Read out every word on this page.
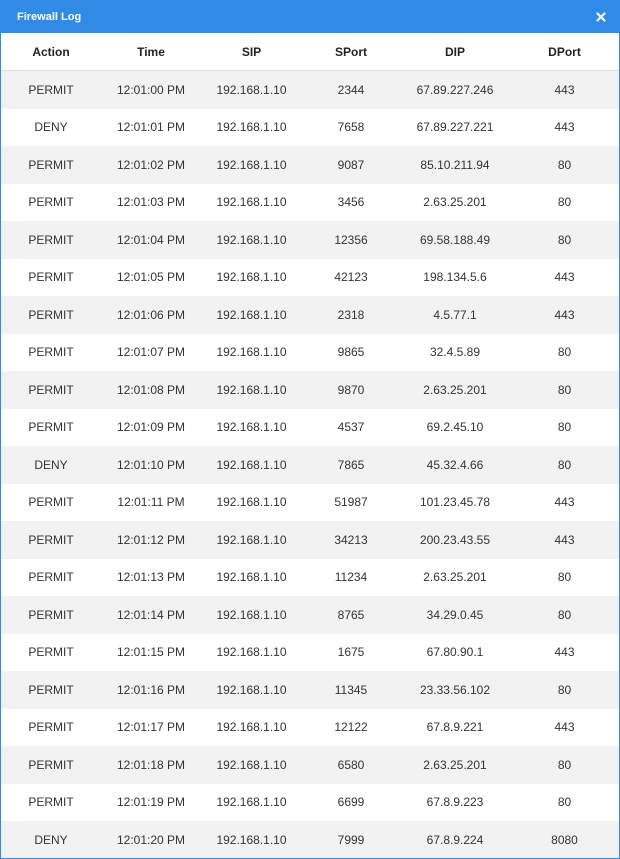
Firewall Log
Action	Time	SIP	SPort	DIP	DPort
PERMIT	12:01:00 PM	192.168.1.10	2344	67.89.227.246	443
DENY	12:01:01 PM	192.168.1.10	7658	67.89.227.221	443
PERMIT	12:01:02 PM	192.168.1.10	9087	85.10.211.94	80
PERMIT	12:01:03 PM	192.168.1.10	3456	2.63.25.201	80
PERMIT	12:01:04 PM	192.168.1.10	12356	69.58.188.49	80
PERMIT	12:01:05 PM	192.168.1.10	42123	198.134.5.6	443
PERMIT	12:01:06 PM	192.168.1.10	2318	4.5.77.1	443
PERMIT	12:01:07 PM	192.168.1.10	9865	32.4.5.89	80
PERMIT	12:01:08 PM	192.168.1.10	9870	2.63.25.201	80
PERMIT	12:01:09 PM	192.168.1.10	4537	69.2.45.10	80
DENY	12:01:10 PM	192.168.1.10	7865	45.32.4.66	80
PERMIT	12:01:11 PM	192.168.1.10	51987	101.23.45.78	443
PERMIT	12:01:12 PM	192.168.1.10	34213	200.23.43.55	443
PERMIT	12:01:13 PM	192.168.1.10	11234	2.63.25.201	80
PERMIT	12:01:14 PM	192.168.1.10	8765	34.29.0.45	80
PERMIT	12:01:15 PM	192.168.1.10	1675	67.80.90.1	443
PERMIT	12:01:16 PM	192.168.1.10	11345	23.33.56.102	80
PERMIT	12:01:17 PM	192.168.1.10	12122	67.8.9.221	443
PERMIT	12:01:18 PM	192.168.1.10	6580	2.63.25.201	80
PERMIT	12:01:19 PM	192.168.1.10	6699	67.8.9.223	80
DENY	12:01:20 PM	192.168.1.10	7999	67.8.9.224	8080
